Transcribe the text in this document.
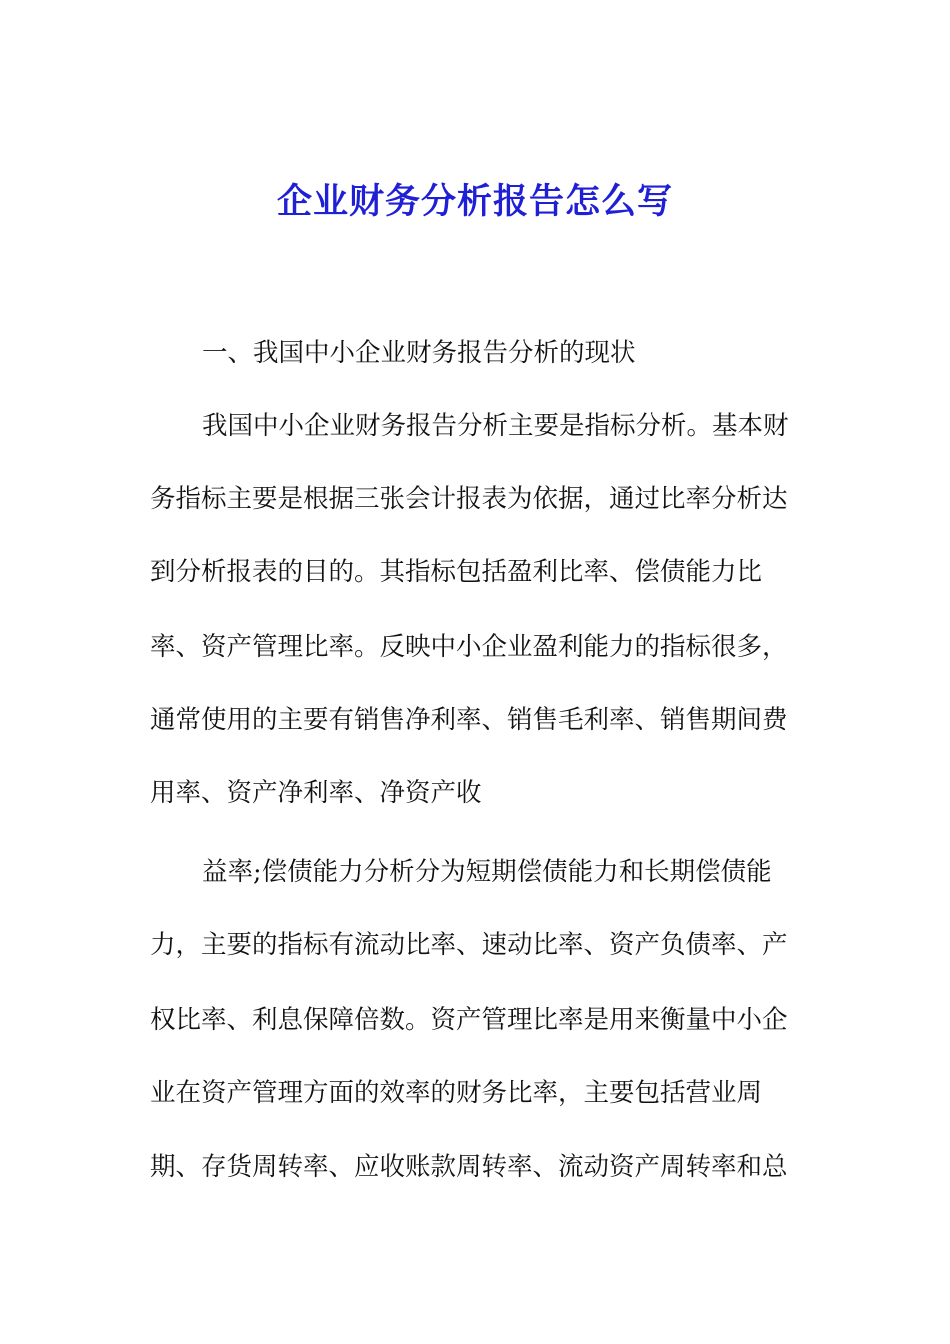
企业财务分析报告怎么写

一、我国中小企业财务报告分析的现状

我国中小企业财务报告分析主要是指标分析。基本财

务指标主要是根据三张会计报表为依据，通过比率分析达

到分析报表的目的。其指标包括盈利比率、偿债能力比

率、资产管理比率。反映中小企业盈利能力的指标很多，

通常使用的主要有销售净利率、销售毛利率、销售期间费

用率、资产净利率、净资产收

益率;偿债能力分析分为短期偿债能力和长期偿债能

力，主要的指标有流动比率、速动比率、资产负债率、产

权比率、利息保障倍数。资产管理比率是用来衡量中小企

业在资产管理方面的效率的财务比率，主要包括营业周

期、存货周转率、应收账款周转率、流动资产周转率和总
